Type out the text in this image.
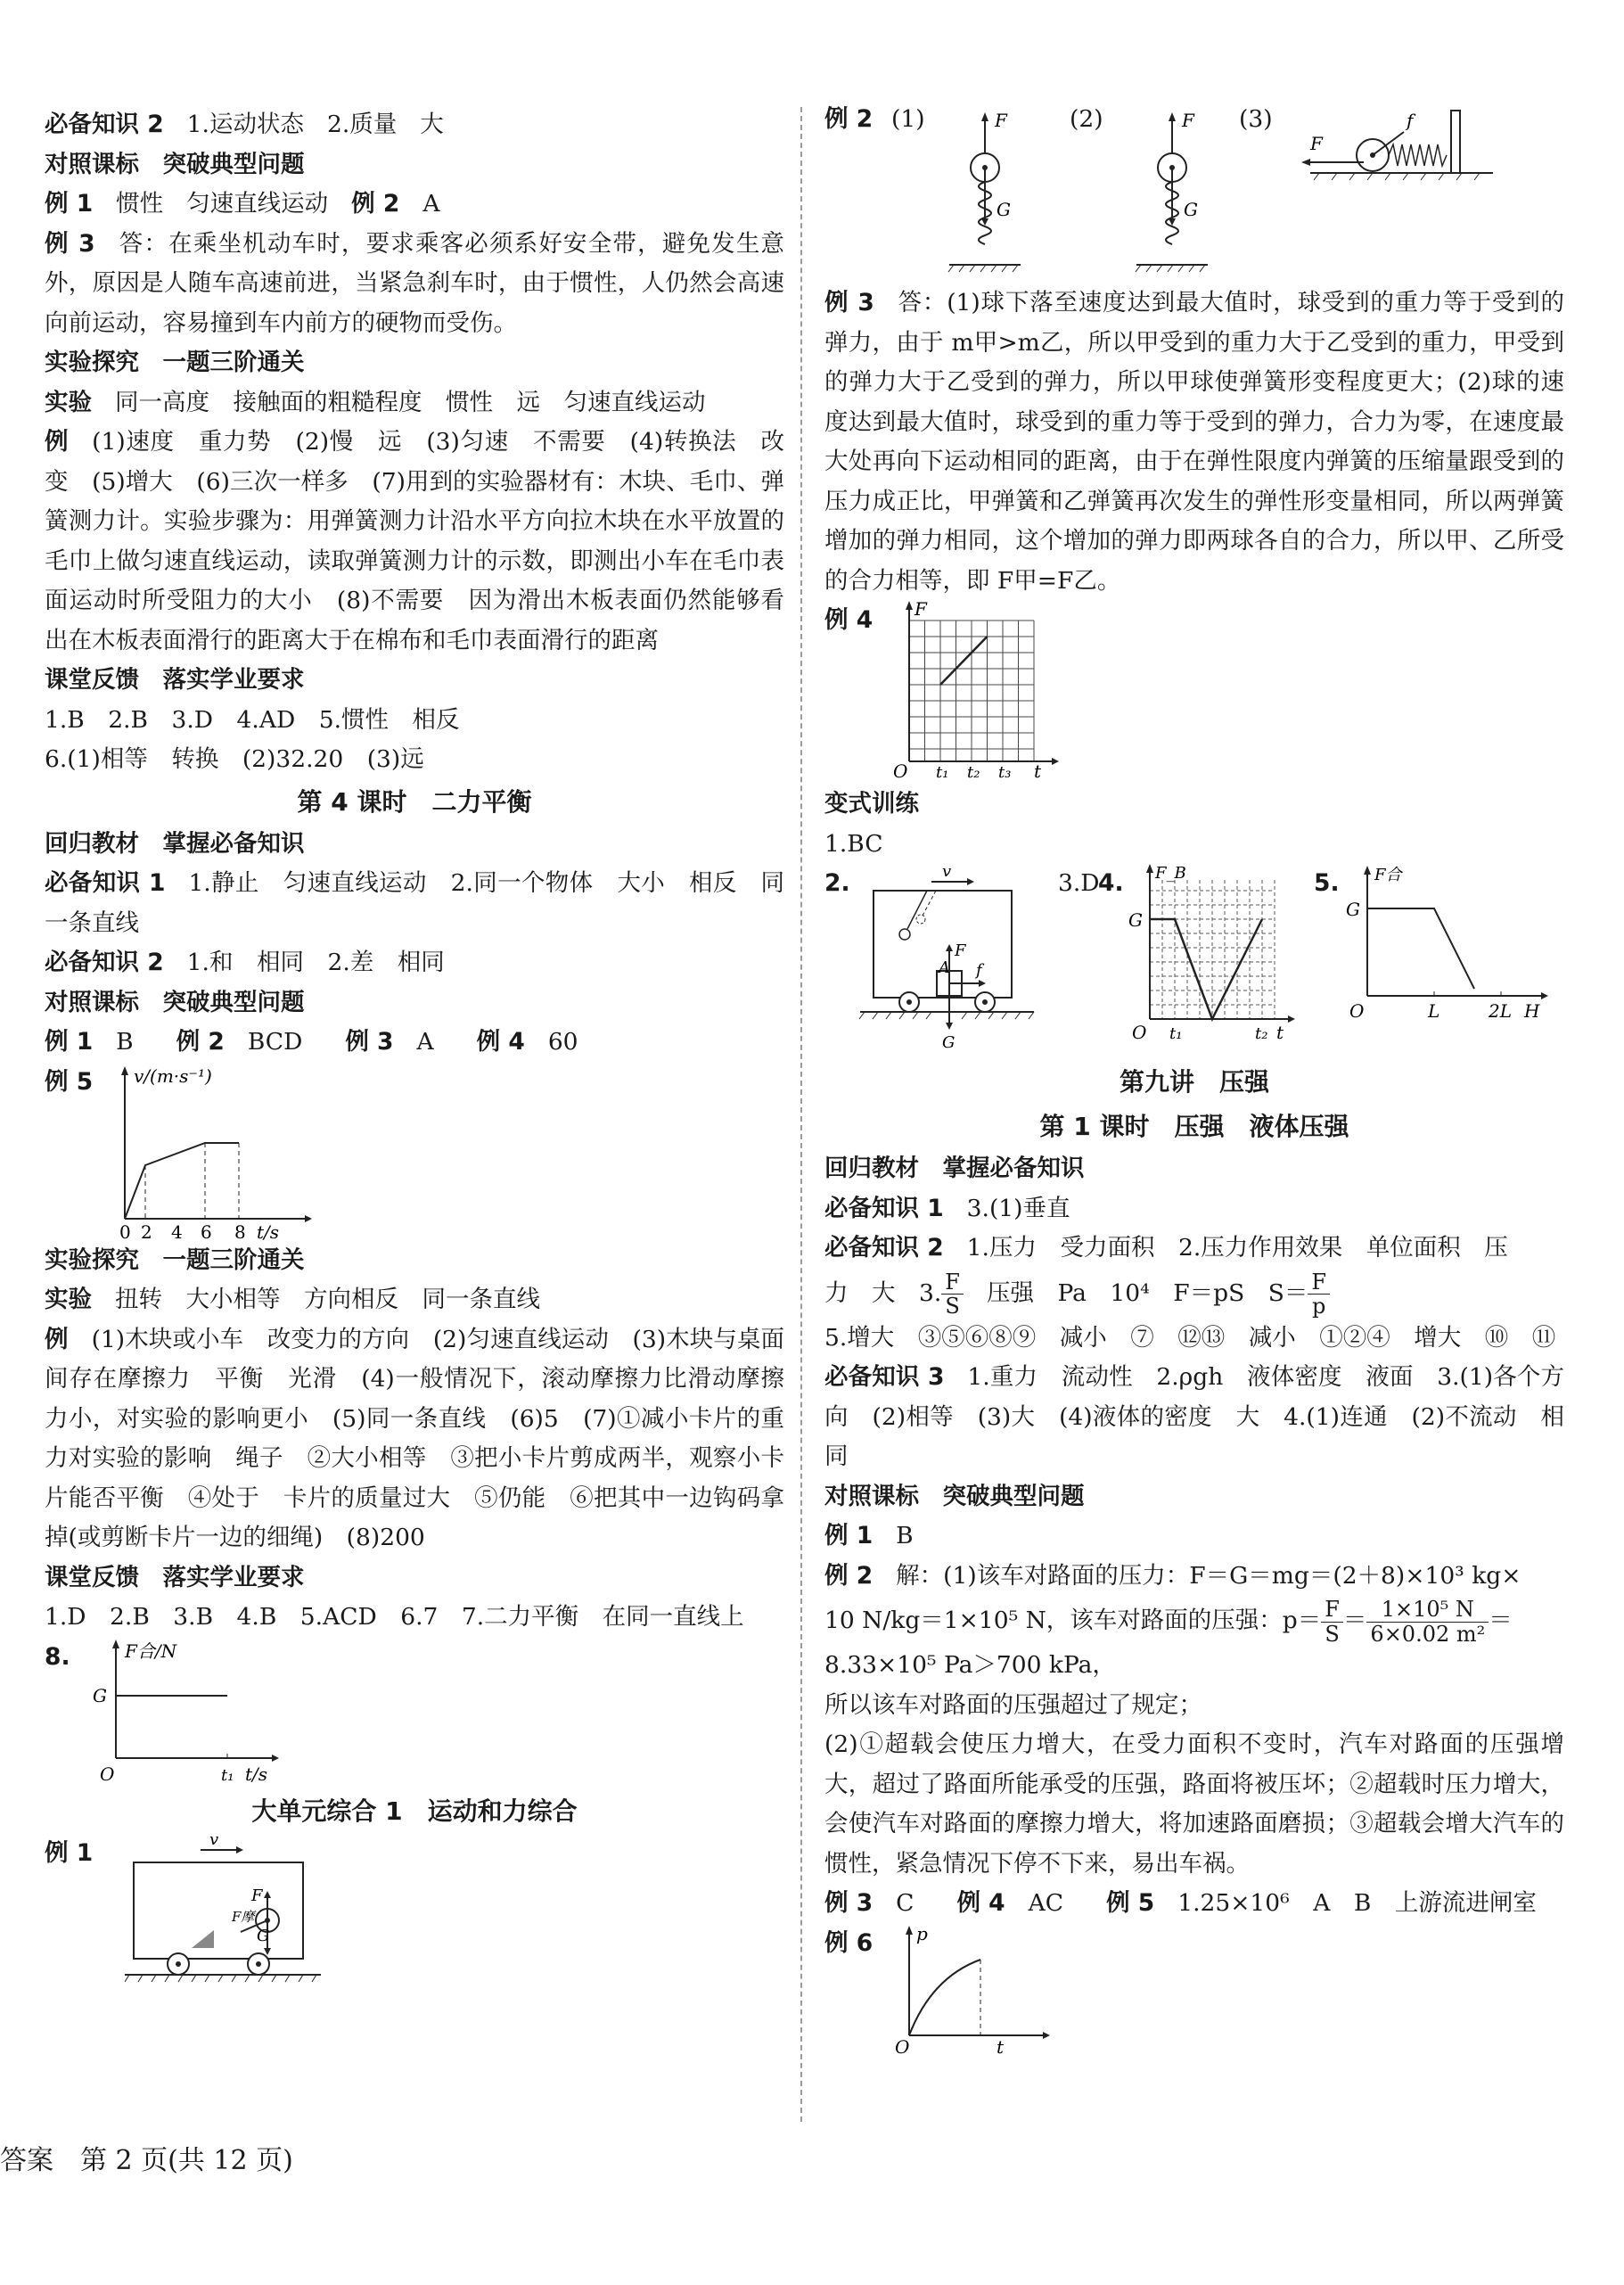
必备知识 2 1.运动状态 2.质量 大
对照课标　突破典型问题
例 1 惯性 匀速直线运动 例 2 A
例 3 答：在乘坐机动车时，要求乘客必须系好安全带，避免发生意外，原因是人随车高速前进，当紧急刹车时，由于惯性，人仍然会高速向前运动，容易撞到车内前方的硬物而受伤。
实验探究　一题三阶通关
实验 同一高度　接触面的粗糙程度　惯性　远　匀速直线运动
例 (1)速度　重力势　(2)慢　远　(3)匀速　不需要　(4)转换法　改变　(5)增大　(6)三次一样多　(7)用到的实验器材有：木块、毛巾、弹簧测力计。实验步骤为：用弹簧测力计沿水平方向拉木块在水平放置的毛巾上做匀速直线运动，读取弹簧测力计的示数，即测出小车在毛巾表面运动时所受阻力的大小　(8)不需要　因为滑出木板表面仍然能够看出在木板表面滑行的距离大于在棉布和毛巾表面滑行的距离
课堂反馈　落实学业要求
1.B　2.B　3.D　4.AD　5.惯性　相反
6.(1)相等　转换　(2)32.20　(3)远
第 4 课时　二力平衡
回归教材　掌握必备知识
必备知识 1 1.静止　匀速直线运动　2.同一个物体　大小　相反　同一条直线
必备知识 2 1.和　相同　2.差　相同
对照课标　突破典型问题
例 1 B 例 2 BCD 例 3 A 例 4 60
例 5	v/(m·s⁻¹)
0 2 4 6 8 t/s
实验探究　一题三阶通关
实验 扭转　大小相等　方向相反　同一条直线
例 (1)木块或小车　改变力的方向　(2)匀速直线运动　(3)木块与桌面间存在摩擦力　平衡　光滑　(4)一般情况下，滚动摩擦力比滑动摩擦力小，对实验的影响更小　(5)同一条直线　(6)5　(7)①减小卡片的重力对实验的影响　绳子　②大小相等　③把小卡片剪成两半，观察小卡片能否平衡　④处于　卡片的质量过大　⑤仍能　⑥把其中一边钩码拿掉(或剪断卡片一边的细绳)　(8)200
课堂反馈　落实学业要求
1.D　2.B　3.B　4.B　5.ACD　6.7　7.二力平衡　在同一直线上
8.	F合/N
G
O	t₁ t/s
大单元综合 1　运动和力综合
例 1	v
F
G
F摩
例 2 (1)	F
G
(2)	F
G
(3)
F
f
例 3 答：(1)球下落至速度达到最大值时，球受到的重力等于受到的弹力，由于 m甲>m乙，所以甲受到的重力大于乙受到的重力，甲受到的弹力大于乙受到的弹力，所以甲球使弹簧形变程度更大；(2)球的速度达到最大值时，球受到的重力等于受到的弹力，合力为零，在速度最大处再向下运动相同的距离，由于在弹性限度内弹簧的压缩量跟受到的压力成正比，甲弹簧和乙弹簧再次发生的弹性形变量相同，所以两弹簧增加的弹力相同，这个增加的弹力即两球各自的合力，所以甲、乙所受的合力相等，即 F甲=F乙。
例 4	F
O t₁ t₂ t₃ t
变式训练
1.BC
2.	v
F
A f
G
3.D
4. F_B
G
O t₁	t₂ t
5. F合
G
O	L	2L H
第九讲　压强
第 1 课时　压强　液体压强
回归教材　掌握必备知识
必备知识 1 3.(1)垂直
必备知识 2 1.压力　受力面积　2.压力作用效果　单位面积　压
力　大　3. $\frac{F}{S}$ 压强　Pa　10⁴　F＝pS　$S= \frac{F}{p}$
5.增大　③⑤⑥⑧⑨　减小　⑦　⑫⑬　减小　①②④　增大　⑩　⑪
必备知识 3 1.重力　流动性　2.ρgh　液体密度　液面　3.(1)各个方向　(2)相等　(3)大　(4)液体的密度　大　4.(1)连通　(2)不流动　相同
对照课标　突破典型问题
例 1 B
例 2 解：(1)该车对路面的压力：F＝G＝mg＝(2＋8)×10³ kg×
10 N/kg＝1×10⁵ N，该车对路面的压强：$p= \frac{F}{S} = \frac{\text{1×10⁵ N}}{\text{6×0.02 m²}}$ ＝
8.33×10⁵ Pa＞700 kPa，
所以该车对路面的压强超过了规定；
(2)①超载会使压力增大，在受力面积不变时，汽车对路面的压强增大，超过了路面所能承受的压强，路面将被压坏；②超载时压力增大，会使汽车对路面的摩擦力增大，将加速路面磨损；③超载会增大汽车的惯性，紧急情况下停不下来，易出车祸。
例 3 C 例 4 AC 例 5 1.25×10⁶　A　B　上游流进闸室
例 6	p
O	t
答案　第 2 页(共 12 页)
